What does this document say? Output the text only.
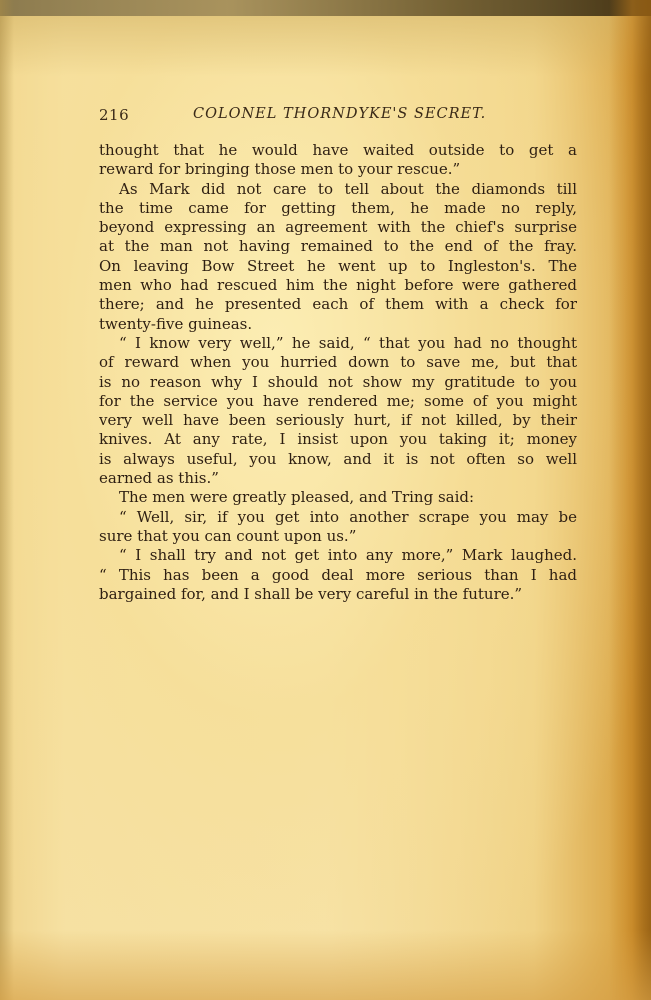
216	COLONEL THORNDYKE'S SECRET.
thought that he would have waited outside to get a
reward for bringing those men to your rescue.”
As Mark did not care to tell about the diamonds till
the time came for getting them, he made no reply,
beyond expressing an agreement with the chief's surprise
at the man not having remained to the end of the fray.
On leaving Bow Street he went up to Ingleston's. The
men who had rescued him the night before were gathered
there; and he presented each of them with a check for
twenty-five guineas.
“ I know very well,” he said, “ that you had no thought
of reward when you hurried down to save me, but that
is no reason why I should not show my gratitude to you
for the service you have rendered me; some of you might
very well have been seriously hurt, if not killed, by their
knives. At any rate, I insist upon you taking it; money
is always useful, you know, and it is not often so well
earned as this.”
The men were greatly pleased, and Tring said:
“ Well, sir, if you get into another scrape you may be
sure that you can count upon us.”
“ I shall try and not get into any more,” Mark laughed.
“ This has been a good deal more serious than I had
bargained for, and I shall be very careful in the future.”
